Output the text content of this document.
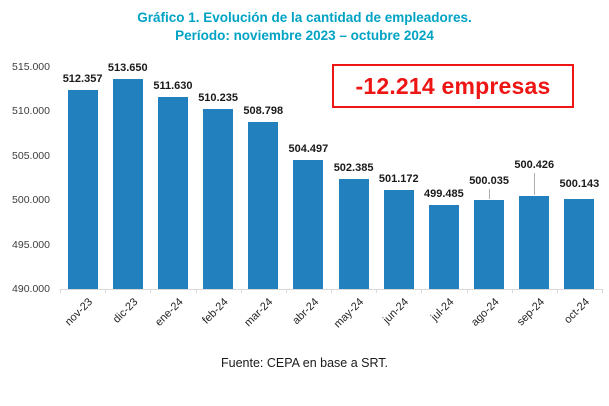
Gráfico 1. Evolución de la cantidad de empleadores.
Período: noviembre 2023 – octubre 2024
490.000
495.000
500.000
505.000
510.000
515.000
512.357
nov-23
513.650
dic-23
511.630
ene-24
510.235
feb-24
508.798
mar-24
504.497
abr-24
502.385
may-24
501.172
jun-24
499.485
jul-24
500.035
ago-24
500.426
sep-24
500.143
oct-24
-12.214 empresas
Fuente: CEPA en base a SRT.
